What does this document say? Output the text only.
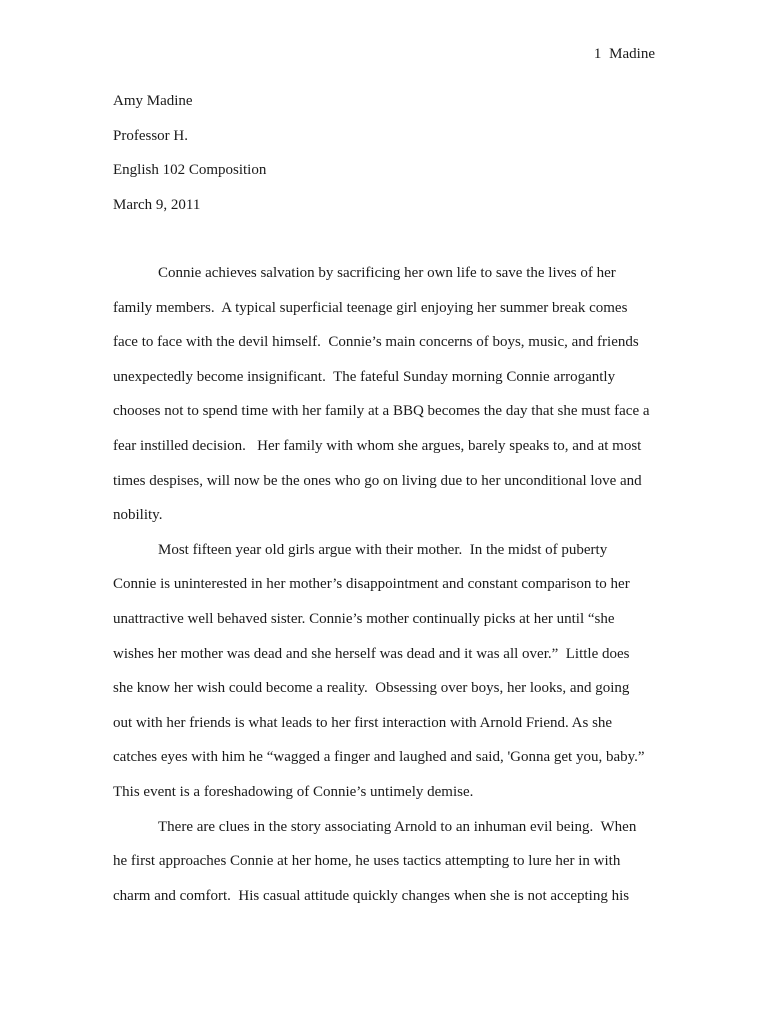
1 Madine
Amy Madine
Professor H.
English 102 Composition
March 9, 2011
Connie achieves salvation by sacrificing her own life to save the lives of her
family members.  A typical superficial teenage girl enjoying her summer break comes
face to face with the devil himself.  Connie’s main concerns of boys, music, and friends
unexpectedly become insignificant.  The fateful Sunday morning Connie arrogantly
chooses not to spend time with her family at a BBQ becomes the day that she must face a
fear instilled decision.   Her family with whom she argues, barely speaks to, and at most
times despises, will now be the ones who go on living due to her unconditional love and
nobility.
Most fifteen year old girls argue with their mother.  In the midst of puberty
Connie is uninterested in her mother’s disappointment and constant comparison to her
unattractive well behaved sister. Connie’s mother continually picks at her until “she
wishes her mother was dead and she herself was dead and it was all over.”  Little does
she know her wish could become a reality.  Obsessing over boys, her looks, and going
out with her friends is what leads to her first interaction with Arnold Friend. As she
catches eyes with him he “wagged a finger and laughed and said, 'Gonna get you, baby.”
This event is a foreshadowing of Connie’s untimely demise.
There are clues in the story associating Arnold to an inhuman evil being.  When
he first approaches Connie at her home, he uses tactics attempting to lure her in with
charm and comfort.  His casual attitude quickly changes when she is not accepting his
